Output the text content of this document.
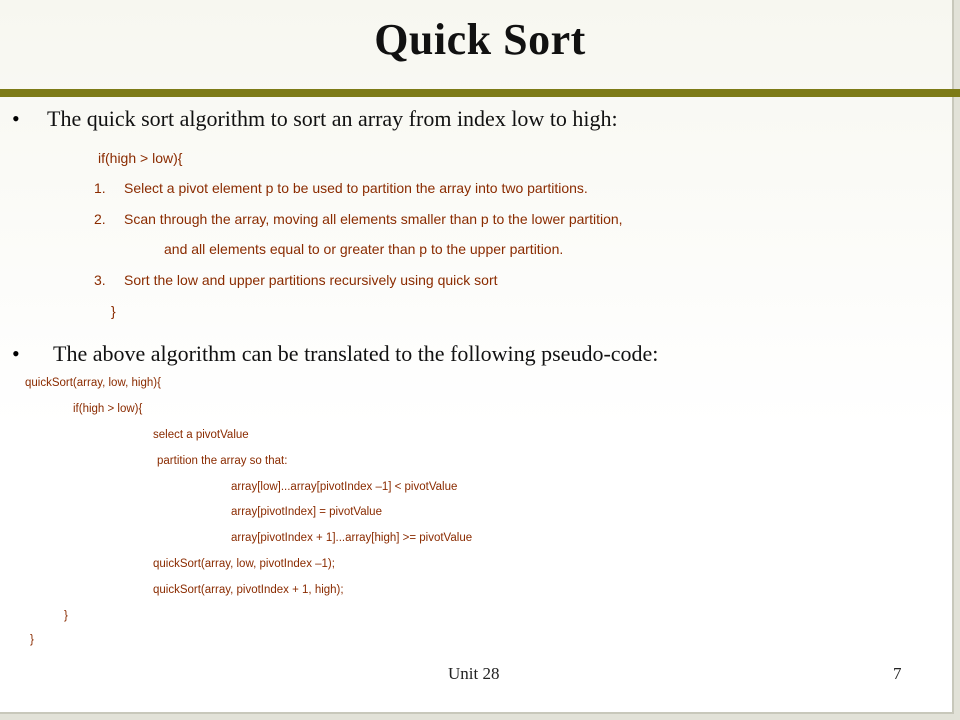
Quick Sort
• The quick sort algorithm to sort an array from index low to high:
if(high > low){
1. Select a pivot element p to be used to partition the array into two partitions.
2. Scan through the array, moving all elements smaller than p to the lower partition,
and all elements equal to or greater than p to the upper partition.
3. Sort the low and upper partitions recursively using quick sort
}
• The above algorithm can be translated to the following pseudo-code:
quickSort(array, low, high){
if(high > low){
select a pivotValue
partition the array so that:
array[low]...array[pivotIndex –1] < pivotValue
array[pivotIndex] = pivotValue
array[pivotIndex + 1]...array[high] >= pivotValue
quickSort(array, low, pivotIndex –1);
quickSort(array, pivotIndex + 1, high);
}
}
Unit 28	7
